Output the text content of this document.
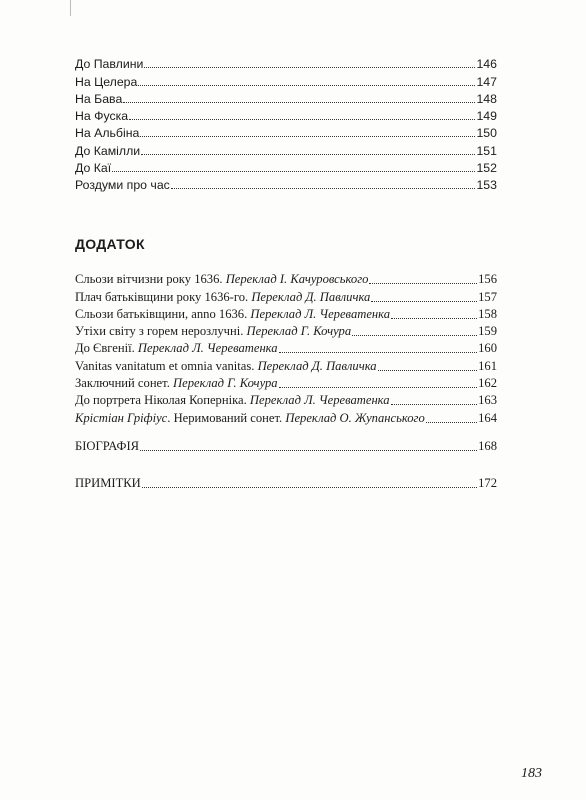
До Павлини	146
На Целера	147
На Бава	148
На Фуска	149
На Альбіна	150
До Камілли	151
До Каї	152
Роздуми про час	153
ДОДАТОК
Сльози вітчизни року 1636. Переклад І. Качуровського	156
Плач батьківщини року 1636-го. Переклад Д. Павличка	157
Сльози батьківщини, anno 1636. Переклад Л. Череватенка	158
Утіхи світу з горем нерозлучні. Переклад Г. Кочура	159
До Євгенії. Переклад Л. Череватенка	160
Vanitas vanitatum et omnia vanitas. Переклад Д. Павличка	161
Заключний сонет. Переклад Г. Кочура	162
До портрета Ніколая Коперніка. Переклад Л. Череватенка	163
Крістіан Гріфіус. Неримований сонет. Переклад О. Жупанського	164
БІОГРАФІЯ	168
ПРИМІТКИ	172
183
